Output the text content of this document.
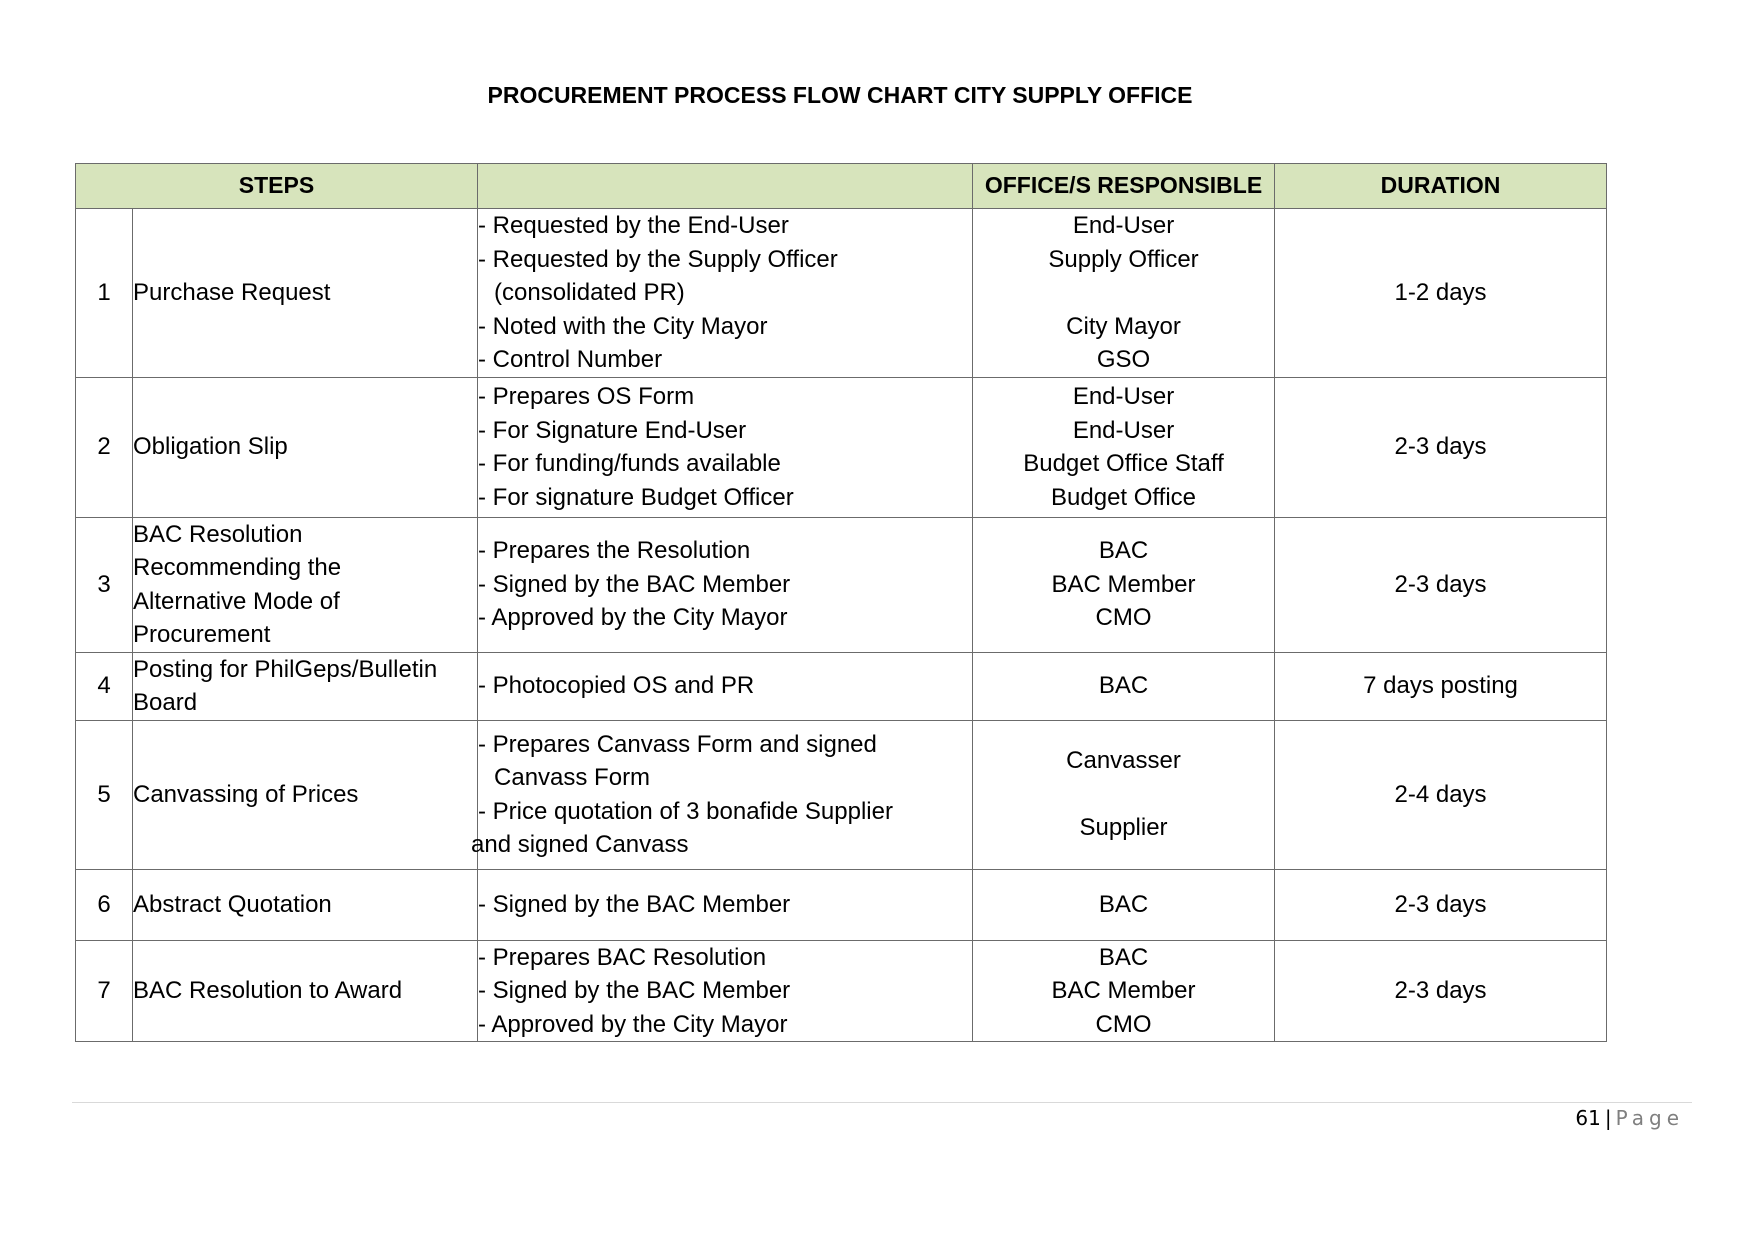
PROCUREMENT PROCESS FLOW CHART CITY SUPPLY OFFICE
STEPS			OFFICE/S RESPONSIBLE	DURATION
1	Purchase Request	- Requested by the End-User
- Requested by the Supply Officer
(consolidated PR)
- Noted with the City Mayor
- Control Number	End-User
Supply Officer
City Mayor
GSO	1-2 days
2	Obligation Slip	- Prepares OS Form
- For Signature End-User
- For funding/funds available
- For signature Budget Officer	End-User
End-User
Budget Office Staff
Budget Office	2-3 days
3	BAC Resolution
Recommending the
Alternative Mode of
Procurement	- Prepares the Resolution
- Signed by the BAC Member
- Approved by the City Mayor	BAC
BAC Member
CMO	2-3 days
4	Posting for PhilGeps/Bulletin
Board	- Photocopied OS and PR	BAC	7 days posting
5	Canvassing of Prices	- Prepares Canvass Form and signed
Canvass Form
- Price quotation of 3 bonafide Supplier
and signed Canvass	Canvasser
Supplier	2-4 days
6	Abstract Quotation	- Signed by the BAC Member	BAC	2-3 days
7	BAC Resolution to Award	- Prepares BAC Resolution
- Signed by the BAC Member
- Approved by the City Mayor	BAC
BAC Member
CMO	2-3 days
61 | Page
